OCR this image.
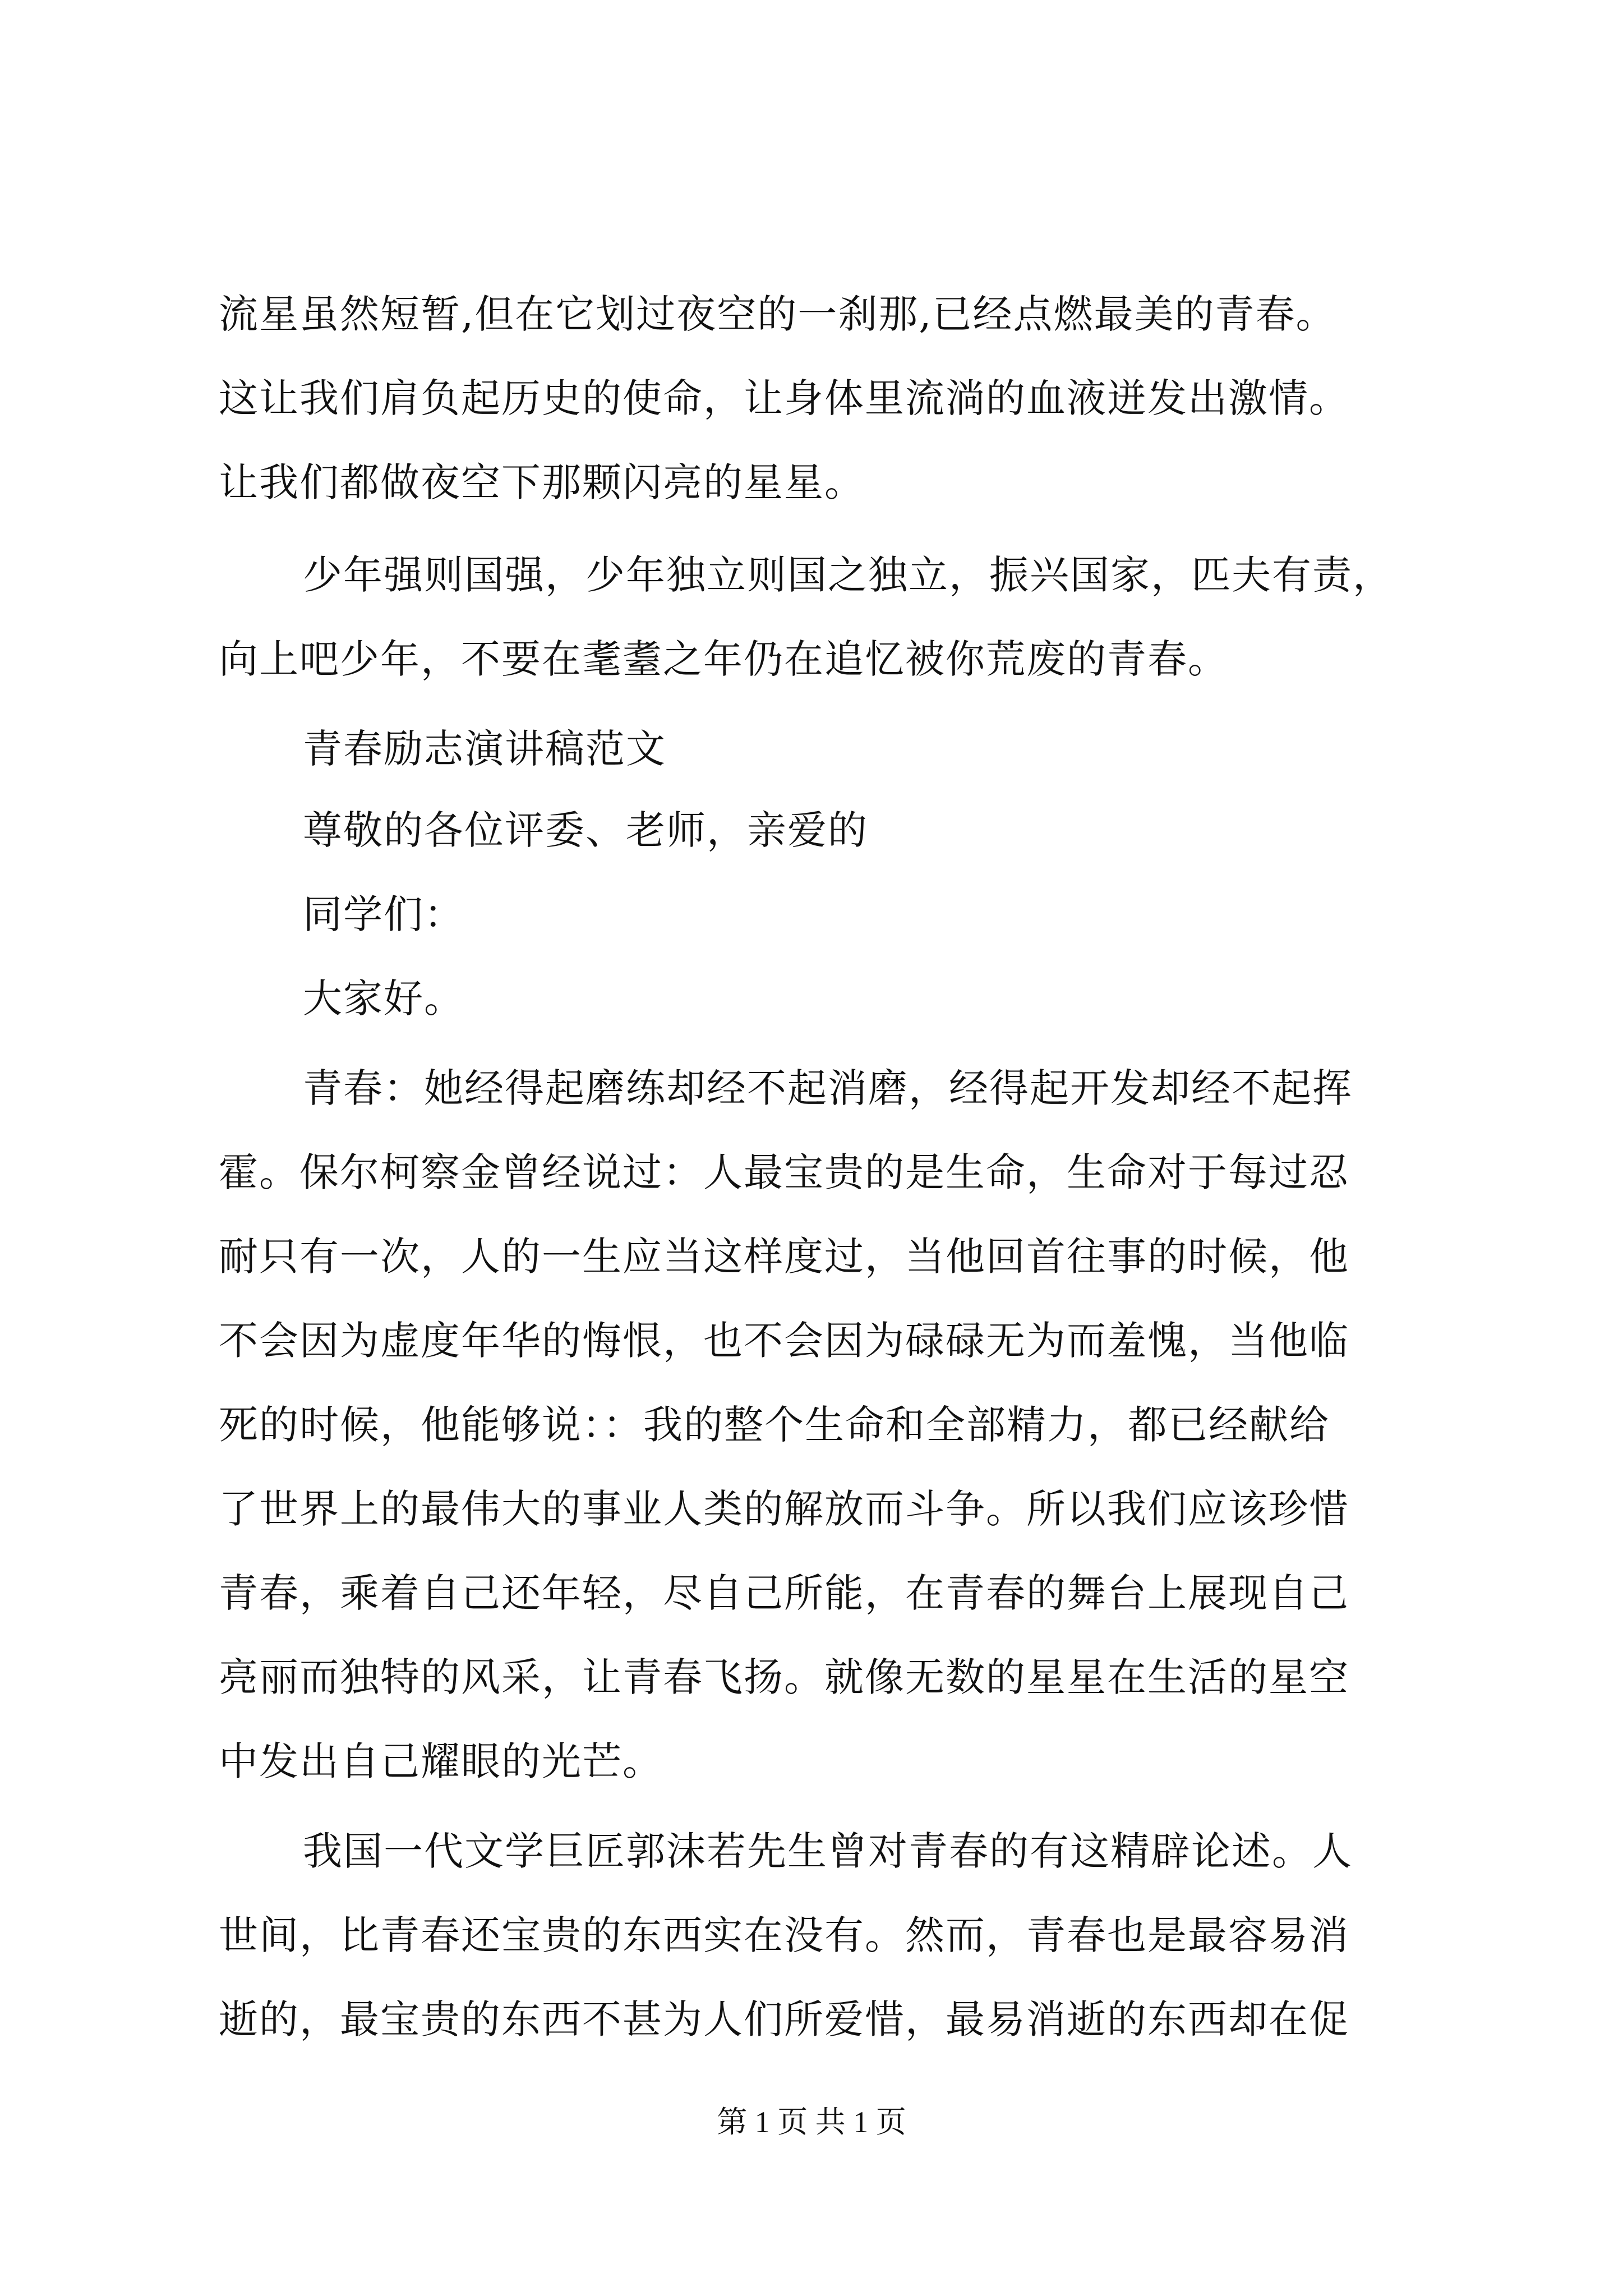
流星虽然短暂,但在它划过夜空的一刹那,已经点燃最美的青春。
这让我们肩负起历史的使命，让身体里流淌的血液迸发出激情。
让我们都做夜空下那颗闪亮的星星。
少年强则国强，少年独立则国之独立，振兴国家，匹夫有责，
向上吧少年，不要在耄耋之年仍在追忆被你荒废的青春。
青春励志演讲稿范文
尊敬的各位评委、老师，亲爱的
同学们：
大家好。
青春：她经得起磨练却经不起消磨，经得起开发却经不起挥
霍。保尔柯察金曾经说过：人最宝贵的是生命，生命对于每过忍
耐只有一次，人的一生应当这样度过，当他回首往事的时候，他
不会因为虚度年华的悔恨，也不会因为碌碌无为而羞愧，当他临
死的时候，他能够说：：我的整个生命和全部精力，都已经献给
了世界上的最伟大的事业人类的解放而斗争。所以我们应该珍惜
青春，乘着自己还年轻，尽自己所能，在青春的舞台上展现自己
亮丽而独特的风采，让青春飞扬。就像无数的星星在生活的星空
中发出自己耀眼的光芒。
我国一代文学巨匠郭沫若先生曾对青春的有这精辟论述。人
世间，比青春还宝贵的东西实在没有。然而，青春也是最容易消
逝的，最宝贵的东西不甚为人们所爱惜，最易消逝的东西却在促
第 1 页 共 1 页
